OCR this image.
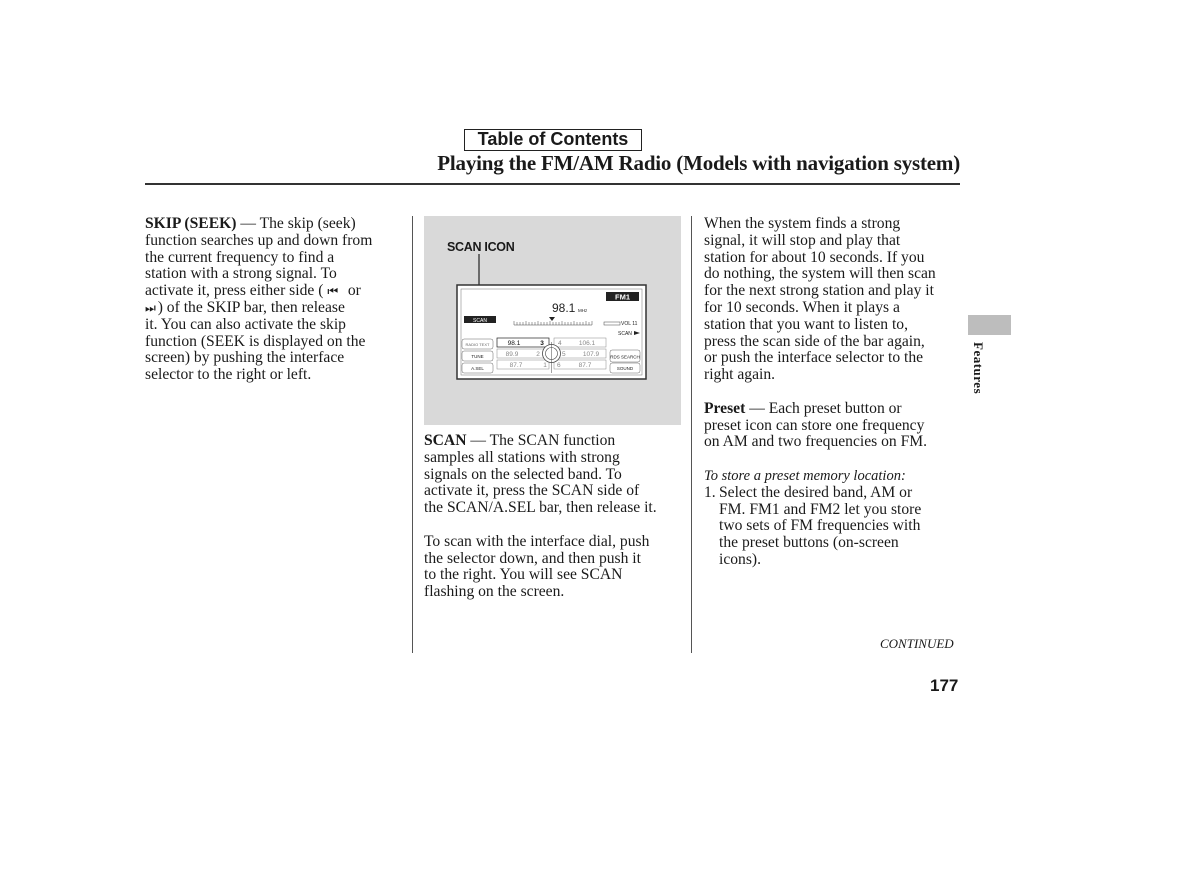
Table of Contents
Playing the FM/AM Radio (Models with navigation system)

SKIP (SEEK) — The skip (seek)
function searches up and down from
the current frequency to find a
station with a strong signal. To
activate it, press either side ( ⏮ or
⏭ ) of the SKIP bar, then release
it. You can also activate the skip
function (SEEK is displayed on the
screen) by pushing the interface
selector to the right or left.

SCAN ICON
SCAN
98.1 MHz
FM1
VOL 11
SCAN
RADIO TEXT
TUNE
A.SEL
98.1	3
89.9	2
87.7	1
4	106.1
5	107.9
6	87.7
RDS SEARCH
SOUND

SCAN — The SCAN function
samples all stations with strong
signals on the selected band. To
activate it, press the SCAN side of
the SCAN/A.SEL bar, then release it.

To scan with the interface dial, push
the selector down, and then push it
to the right. You will see SCAN
flashing on the screen.

When the system finds a strong
signal, it will stop and play that
station for about 10 seconds. If you
do nothing, the system will then scan
for the next strong station and play it
for 10 seconds. When it plays a
station that you want to listen to,
press the scan side of the bar again,
or push the interface selector to the
right again.

Preset — Each preset button or
preset icon can store one frequency
on AM and two frequencies on FM.

To store a preset memory location:

1. Select the desired band, AM or
FM. FM1 and FM2 let you store
two sets of FM frequencies with
the preset buttons (on-screen
icons).

Features
CONTINUED
177
